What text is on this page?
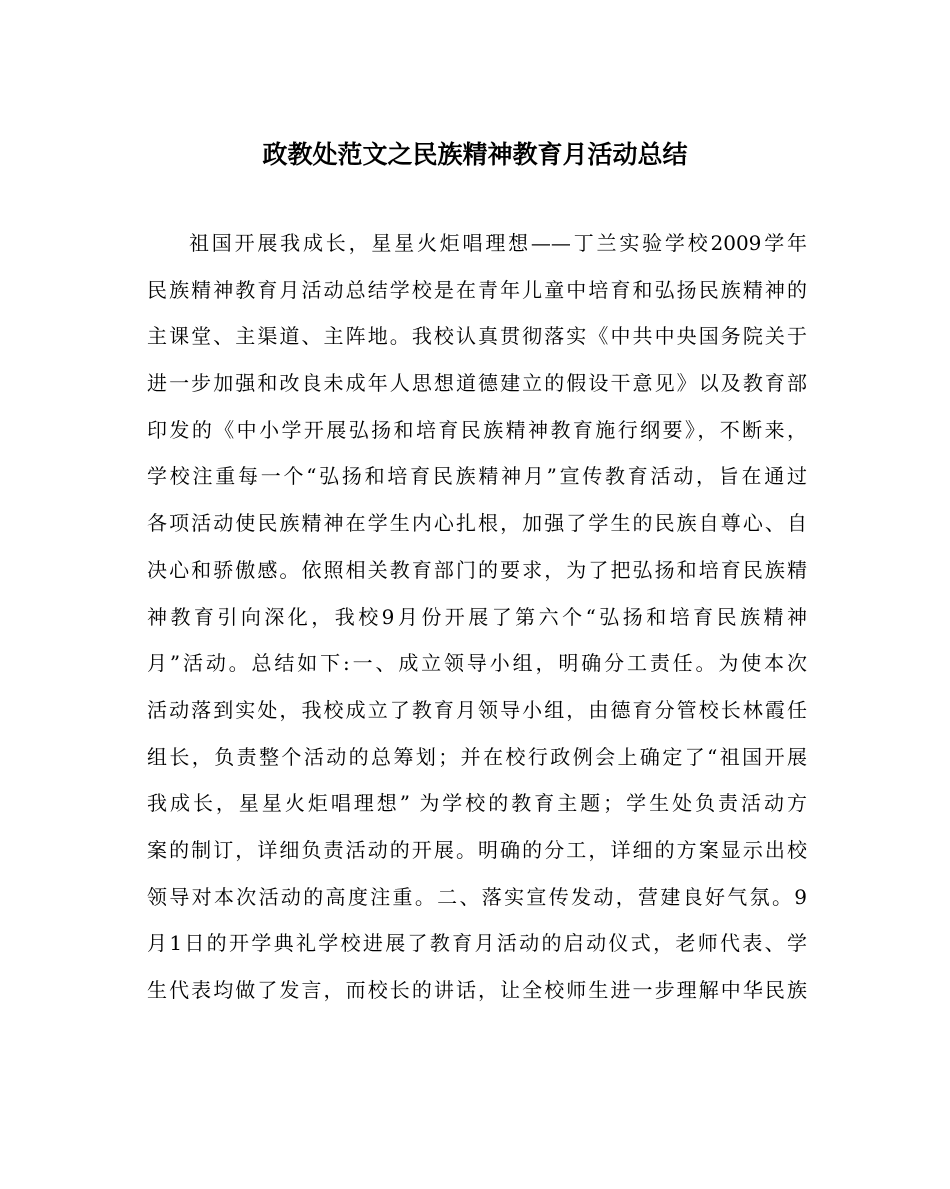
政教处范文之民族精神教育月活动总结
祖国开展我成长，星星火炬唱理想——丁兰实验学校2009学年
民族精神教育月活动总结学校是在青年儿童中培育和弘扬民族精神的
主课堂、主渠道、主阵地。我校认真贯彻落实《中共中央国务院关于
进一步加强和改良未成年人思想道德建立的假设干意见》以及教育部
印发的《中小学开展弘扬和培育民族精神教育施行纲要》，不断来，
学校注重每一个“弘扬和培育民族精神月”宣传教育活动，旨在通过
各项活动使民族精神在学生内心扎根，加强了学生的民族自尊心、自
决心和骄傲感。依照相关教育部门的要求，为了把弘扬和培育民族精
神教育引向深化，我校9月份开展了第六个“弘扬和培育民族精神
月”活动。总结如下:一、成立领导小组，明确分工责任。为使本次
活动落到实处，我校成立了教育月领导小组，由德育分管校长林霞任
组长，负责整个活动的总筹划；并在校行政例会上确定了“祖国开展
我成长，星星火炬唱理想” 为学校的教育主题；学生处负责活动方
案的制订，详细负责活动的开展。明确的分工，详细的方案显示出校
领导对本次活动的高度注重。二、落实宣传发动，营建良好气氛。9
月1日的开学典礼学校进展了教育月活动的启动仪式，老师代表、学
生代表均做了发言，而校长的讲话，让全校师生进一步理解中华民族
